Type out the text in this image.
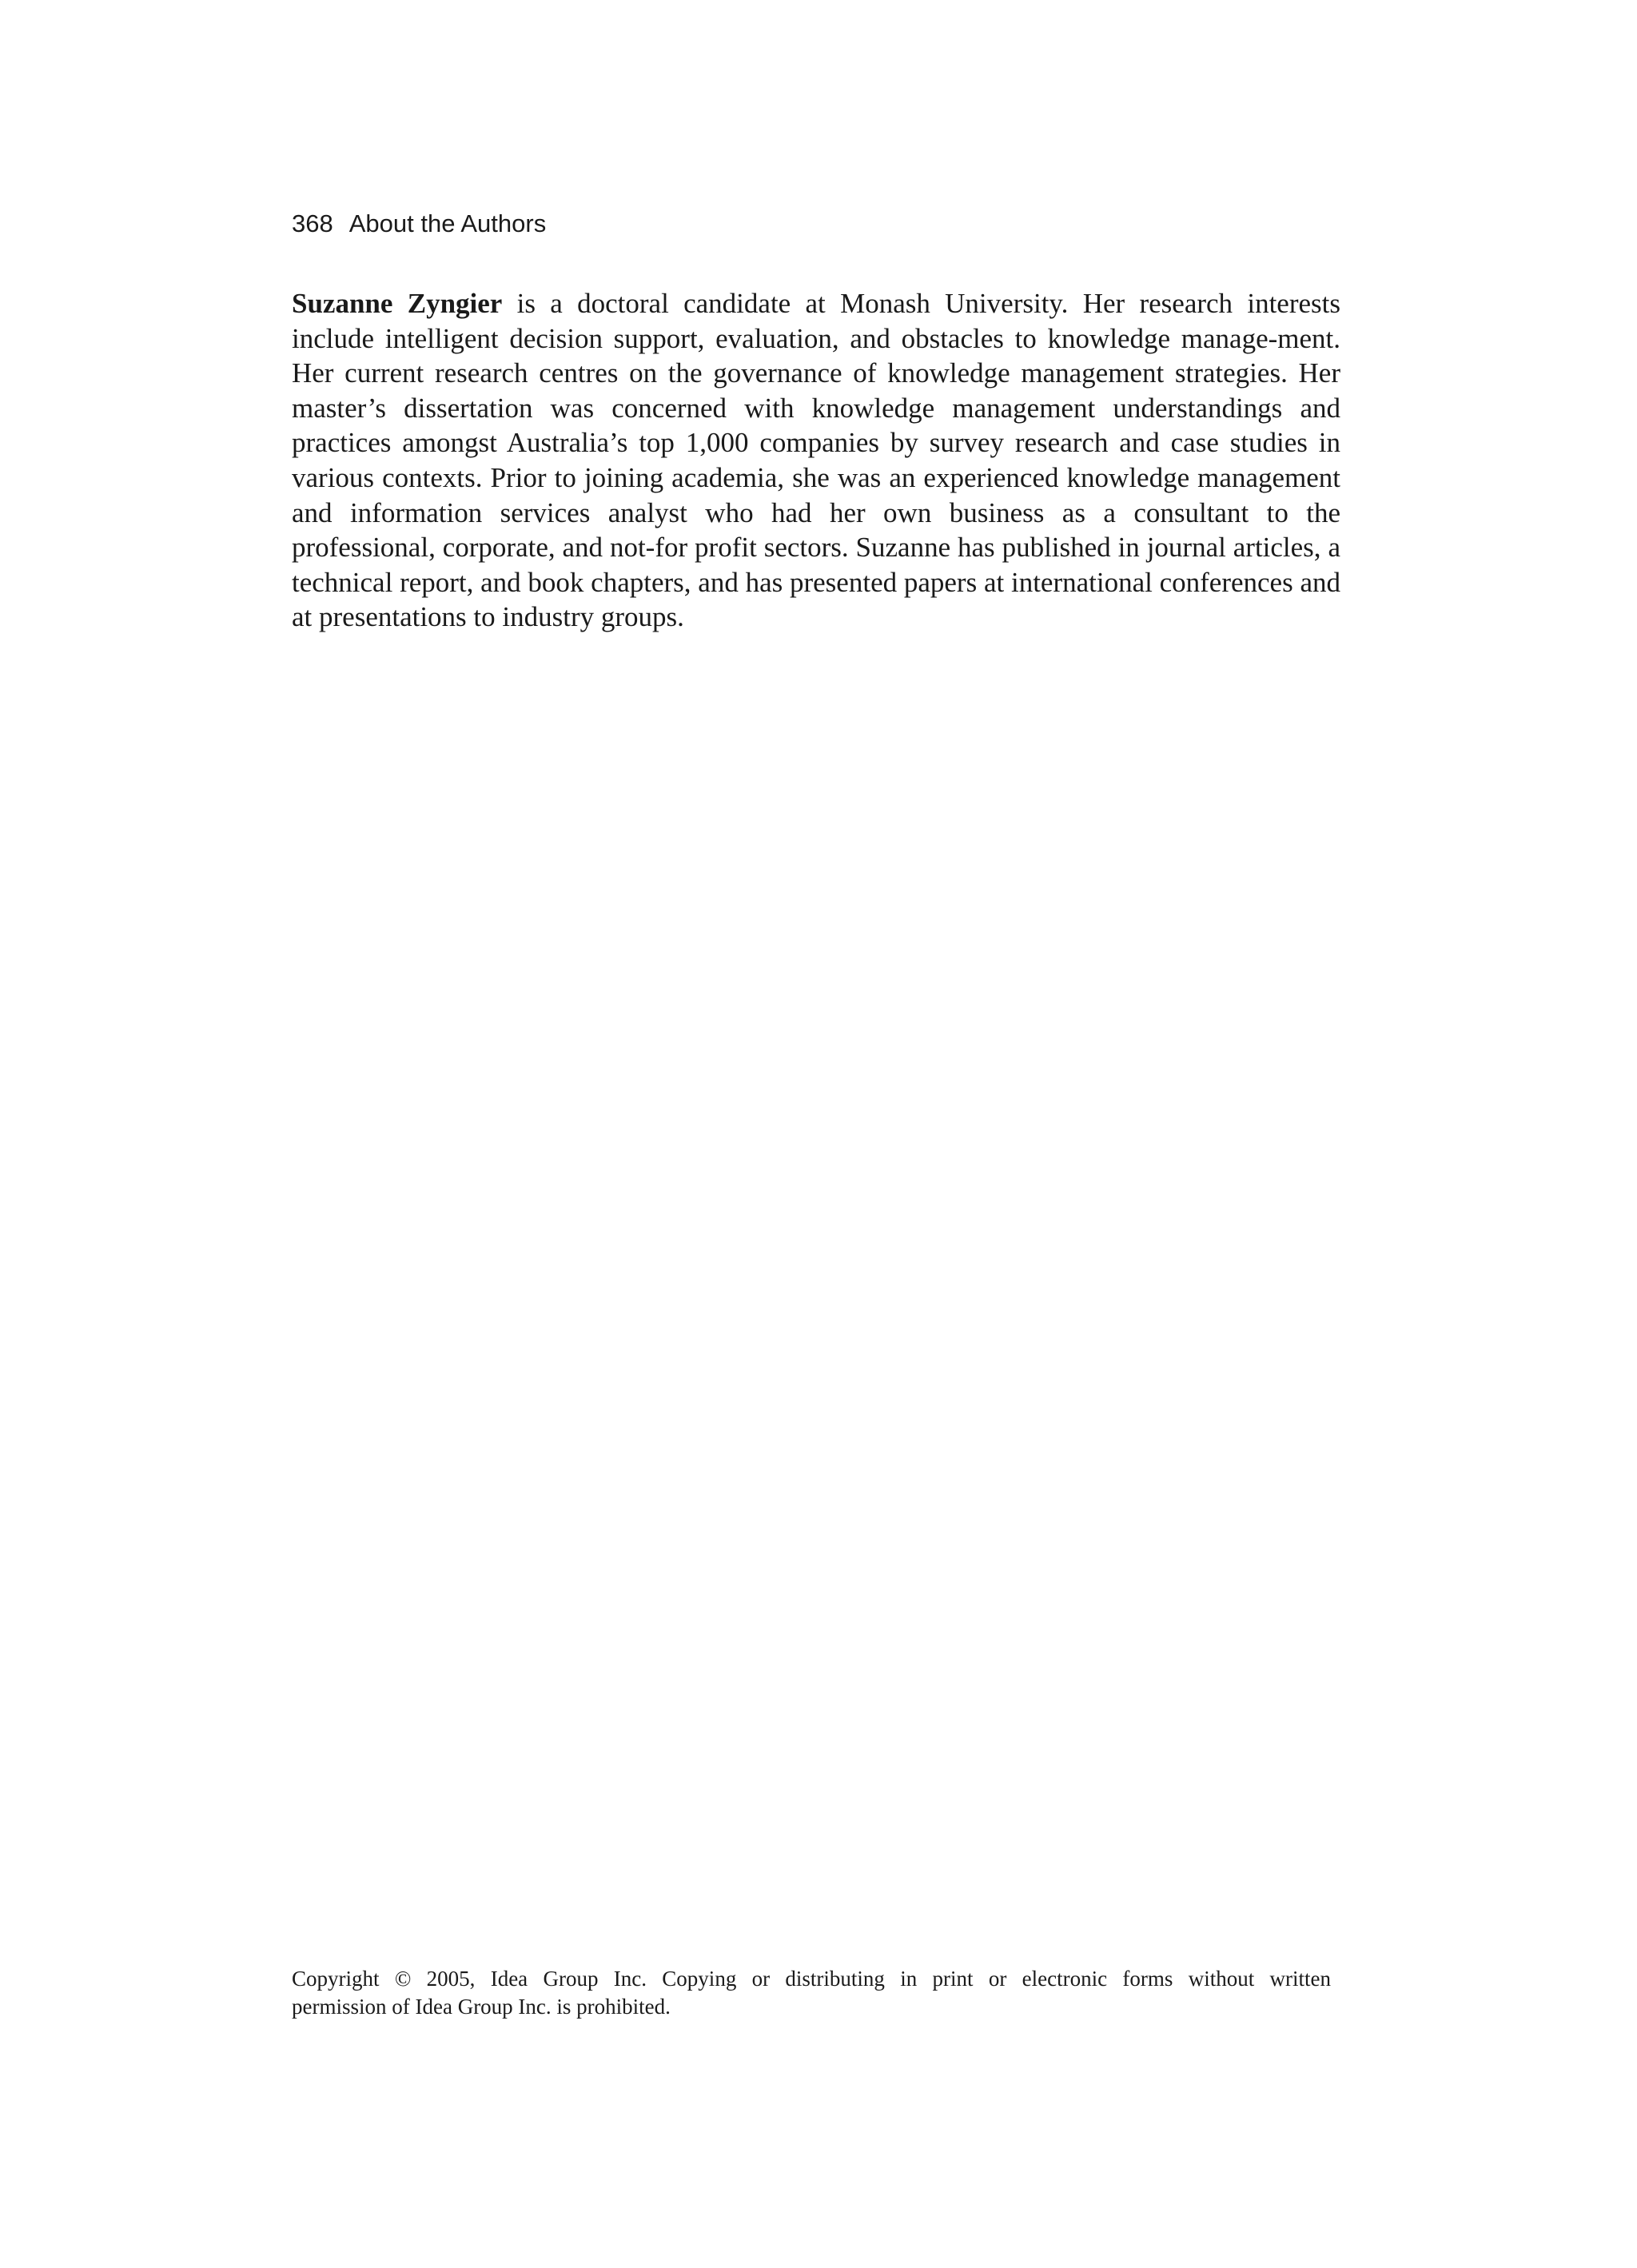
368 About the Authors

Suzanne Zyngier is a doctoral candidate at Monash University. Her research interests include intelligent decision support, evaluation, and obstacles to knowledge manage-ment. Her current research centres on the governance of knowledge management strategies. Her master’s dissertation was concerned with knowledge management understandings and practices amongst Australia’s top 1,000 companies by survey research and case studies in various contexts. Prior to joining academia, she was an experienced knowledge management and information services analyst who had her own business as a consultant to the professional, corporate, and not-for profit sectors. Suzanne has published in journal articles, a technical report, and book chapters, and has presented papers at international conferences and at presentations to industry groups.

Copyright © 2005, Idea Group Inc. Copying or distributing in print or electronic forms without written
permission of Idea Group Inc. is prohibited.
